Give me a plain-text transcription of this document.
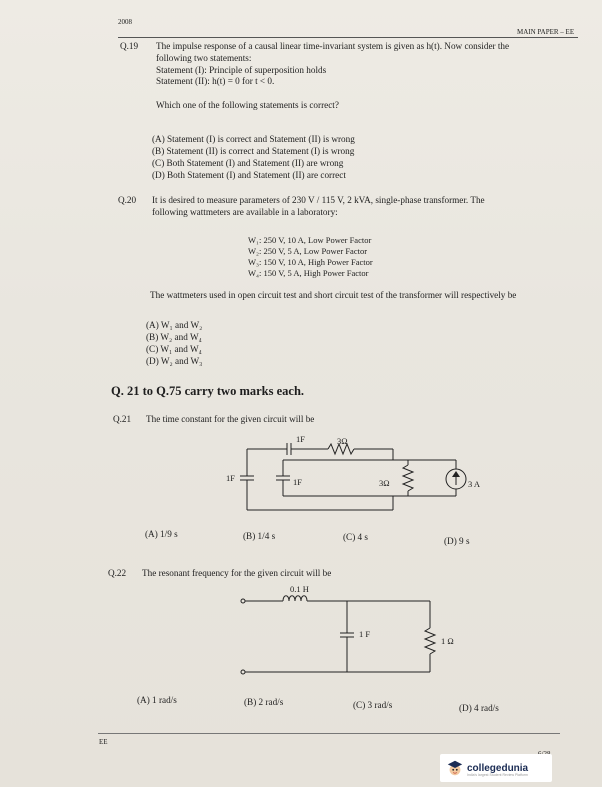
2008
MAIN PAPER – EE
Q.19 The impulse response of a causal linear time-invariant system is given as h(t). Now consider the
following two statements:
Statement (I): Principle of superposition holds
Statement (II): h(t) = 0 for t < 0.
Which one of the following statements is correct?
(A) Statement (I) is correct and Statement (II) is wrong
(B) Statement (II) is correct and Statement (I) is wrong
(C) Both Statement (I) and Statement (II) are wrong
(D) Both Statement (I) and Statement (II) are correct
Q.20 It is desired to measure parameters of 230 V / 115 V, 2 kVA, single-phase transformer. The
following wattmeters are available in a laboratory:
W₁: 250 V, 10 A, Low Power Factor
W₂: 250 V, 5 A, Low Power Factor
W₃: 150 V, 10 A, High Power Factor
W₄: 150 V, 5 A, High Power Factor
The wattmeters used in open circuit test and short circuit test of the transformer will respectively be
(A) W₁ and W₂
(B) W₂ and W₄
(C) W₁ and W₄
(D) W₂ and W₃
Q. 21 to Q.75 carry two marks each.
Q.21 The time constant for the given circuit will be
1F	3Ω
1F	1F	3Ω	3 A
(A) 1/9 s	(B) 1/4 s	(C) 4 s	(D) 9 s
Q.22 The resonant frequency for the given circuit will be
0.1 H
1 F
1 Ω
(A) 1 rad/s	(B) 2 rad/s	(C) 3 rad/s	(D) 4 rad/s
EE
collegedunia
India's largest Student Review Platform
